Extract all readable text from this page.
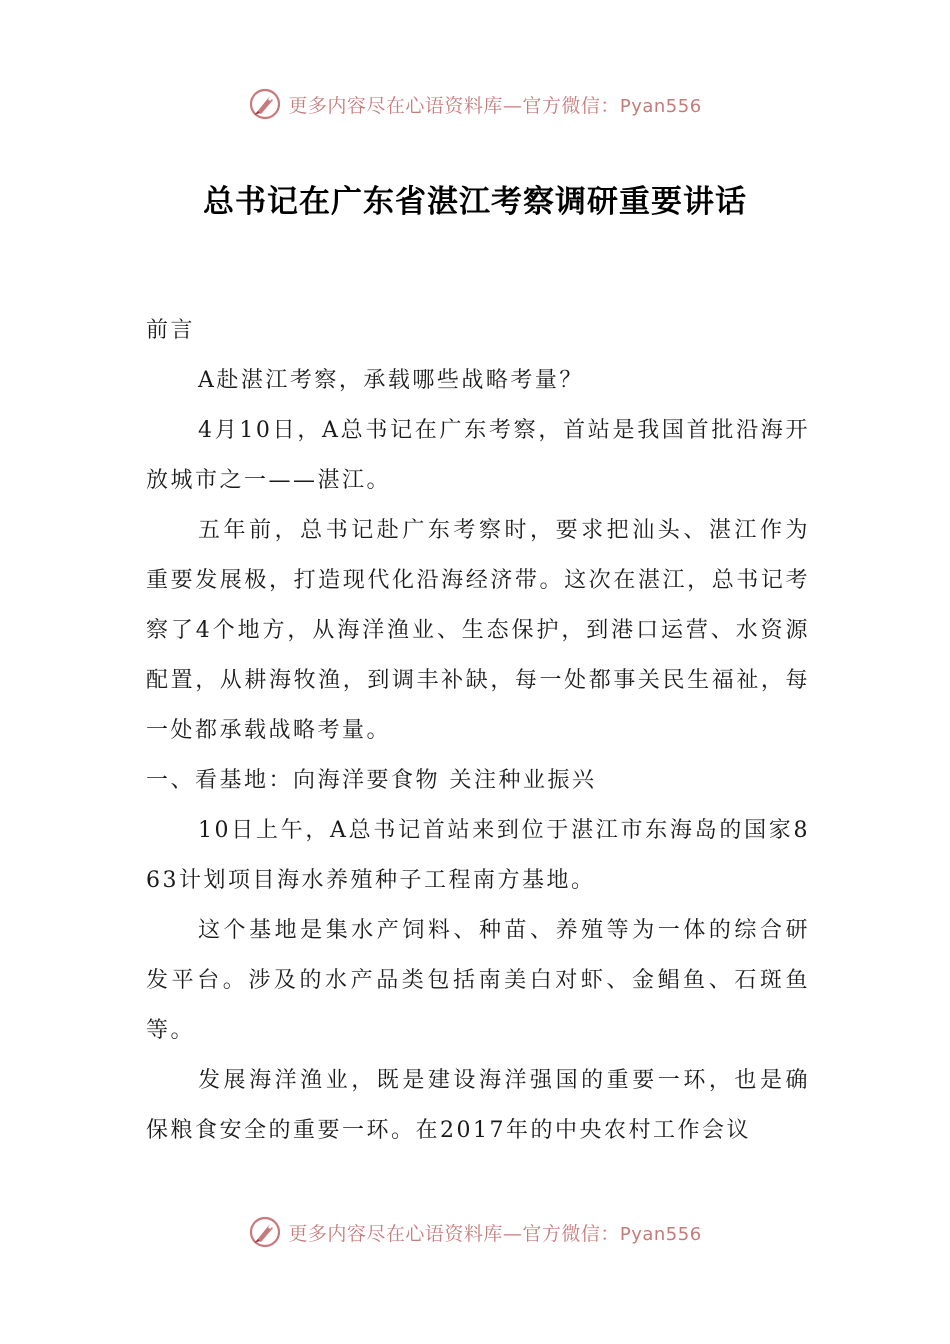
更多内容尽在心语资料库—官方微信：Pyan556
总书记在广东省湛江考察调研重要讲话

前言

A赴湛江考察，承载哪些战略考量？

4月10日，A总书记在广东考察，首站是我国首批沿海开放城市之一——湛江。

五年前，总书记赴广东考察时，要求把汕头、湛江作为重要发展极，打造现代化沿海经济带。这次在湛江，总书记考察了4个地方，从海洋渔业、生态保护，到港口运营、水资源配置，从耕海牧渔，到调丰补缺，每一处都事关民生福祉，每一处都承载战略考量。

一、看基地：向海洋要食物 关注种业振兴

10日上午，A总书记首站来到位于湛江市东海岛的国家863计划项目海水养殖种子工程南方基地。

这个基地是集水产饲料、种苗、养殖等为一体的综合研发平台。涉及的水产品类包括南美白对虾、金鲳鱼、石斑鱼等。

发展海洋渔业，既是建设海洋强国的重要一环，也是确保粮食安全的重要一环。在2017年的中央农村工作会议

更多内容尽在心语资料库—官方微信：Pyan556
